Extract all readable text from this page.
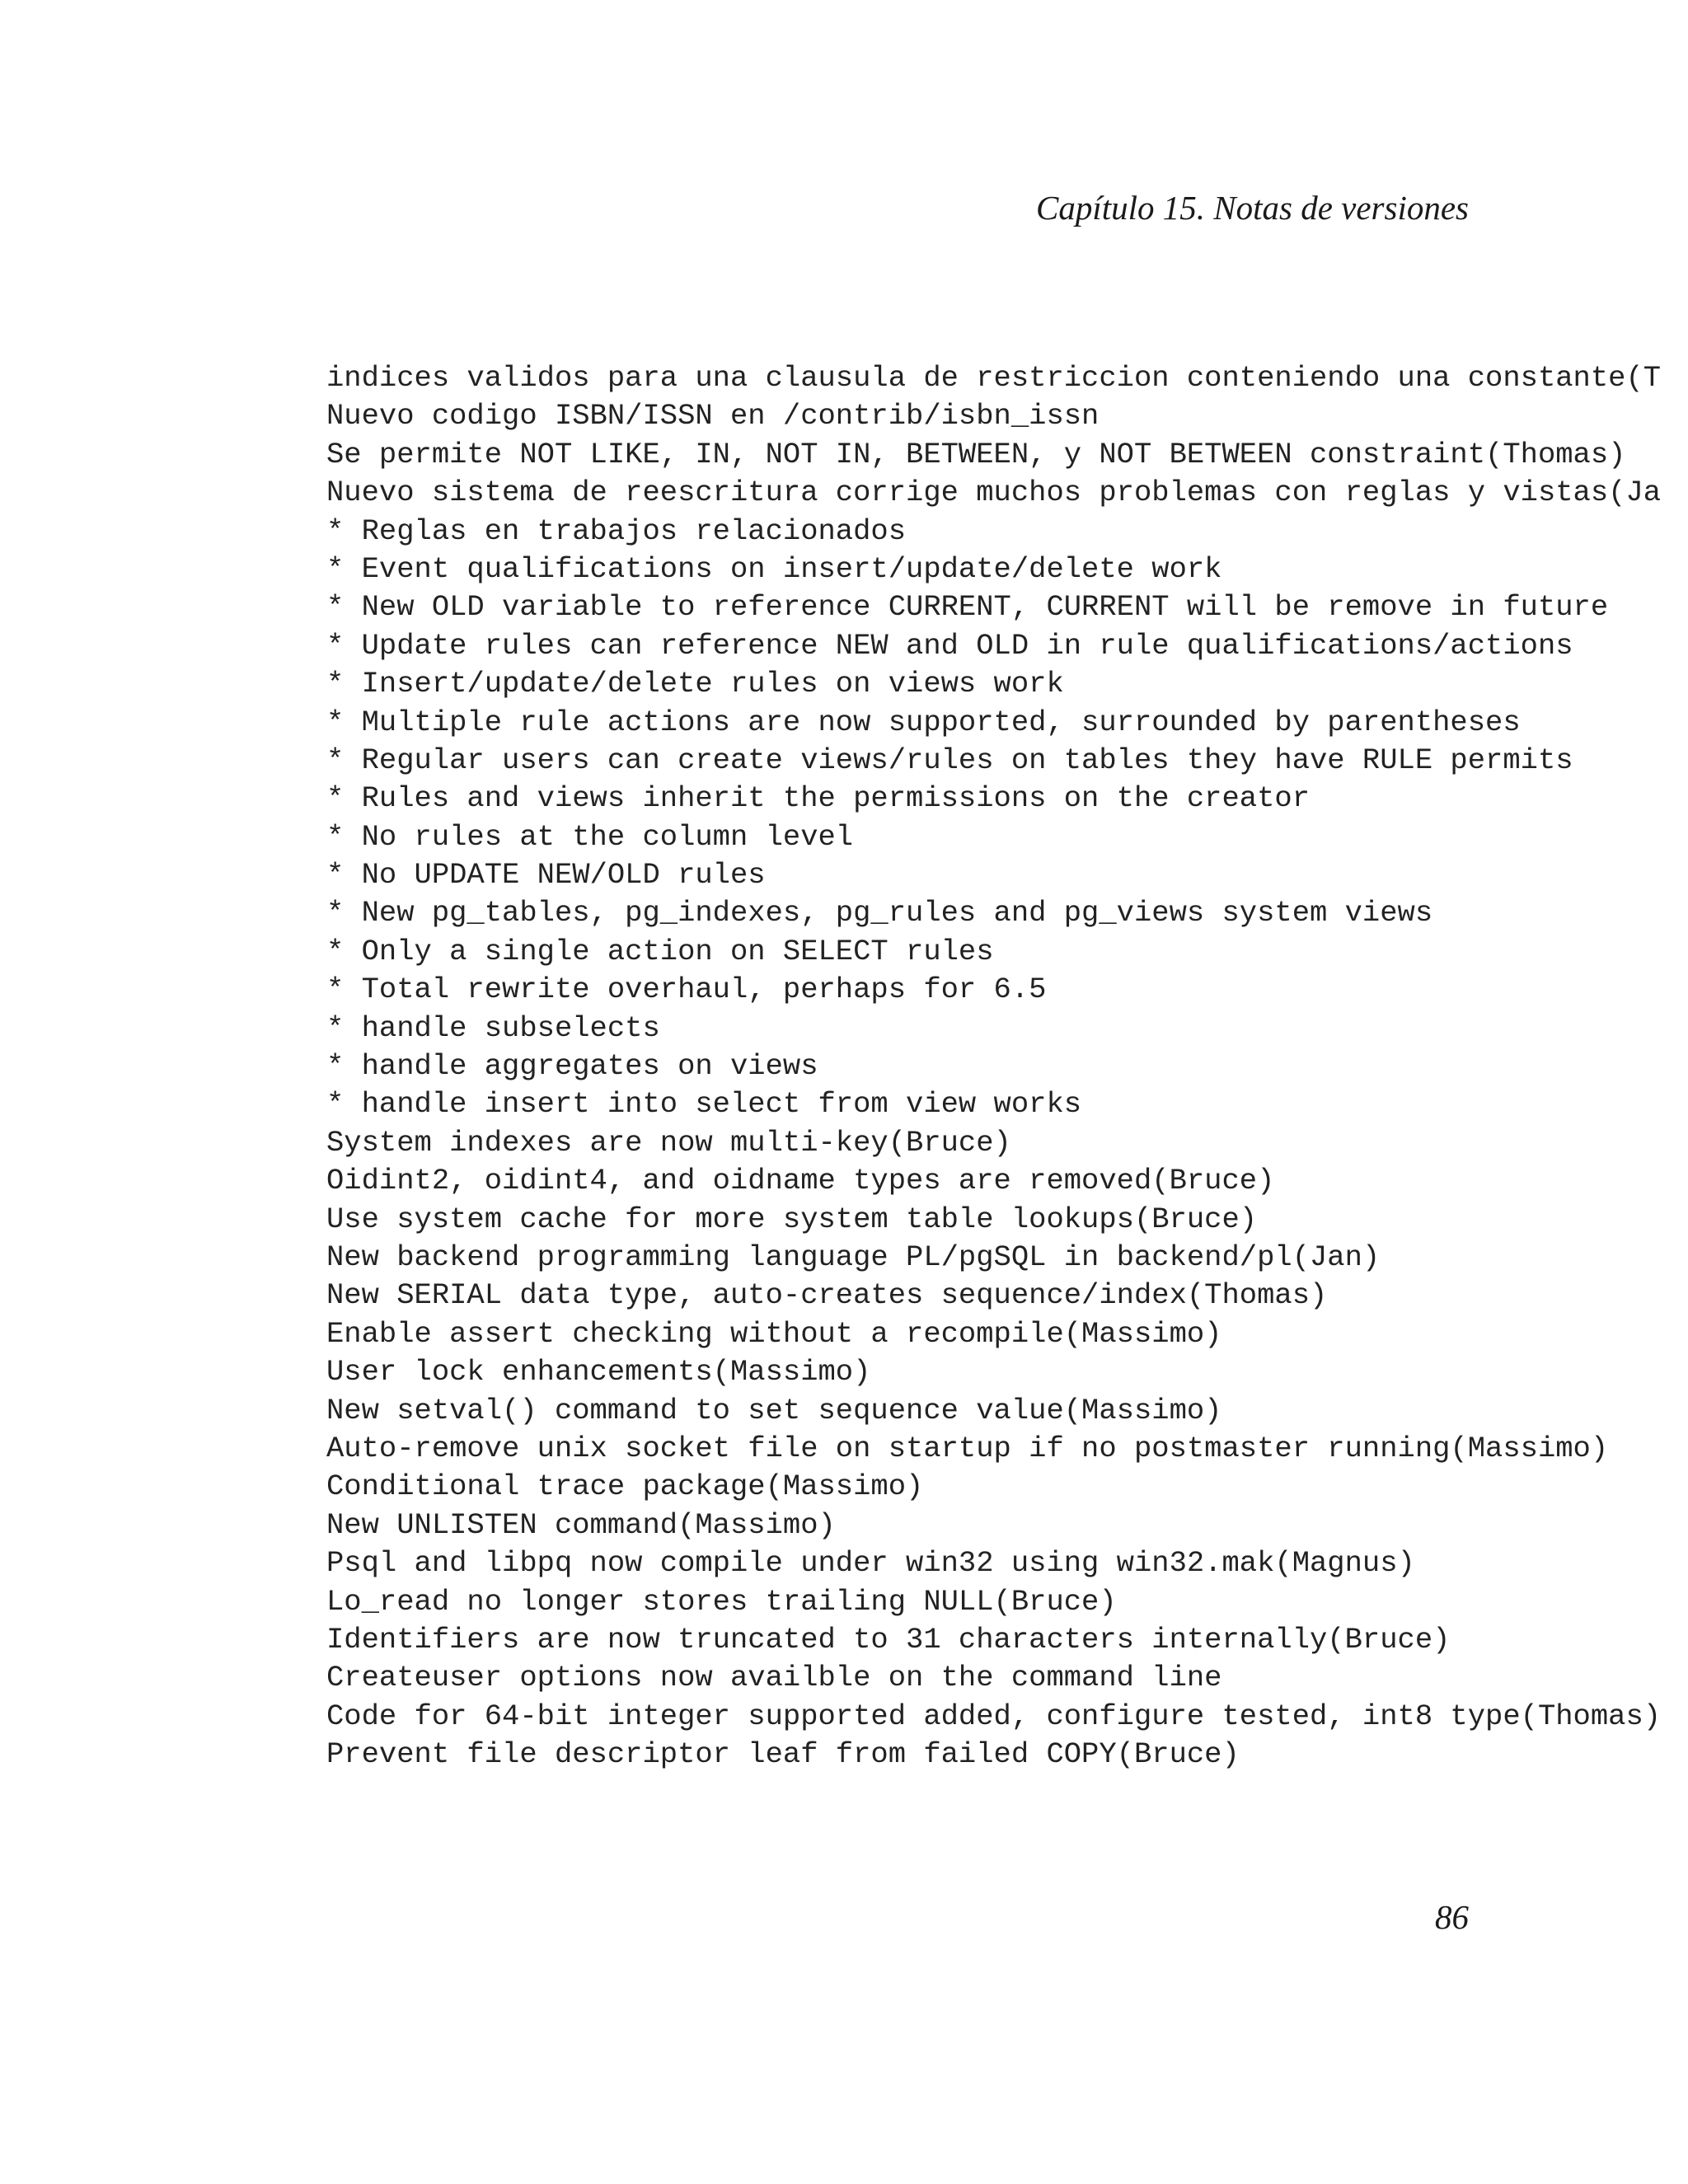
Capítulo 15. Notas de versiones
indices validos para una clausula de restriccion conteniendo una constante(T
Nuevo codigo ISBN/ISSN en /contrib/isbn_issn
Se permite NOT LIKE, IN, NOT IN, BETWEEN, y NOT BETWEEN constraint(Thomas)
Nuevo sistema de reescritura corrige muchos problemas con reglas y vistas(Ja
* Reglas en trabajos relacionados
* Event qualifications on insert/update/delete work
* New OLD variable to reference CURRENT, CURRENT will be remove in future
* Update rules can reference NEW and OLD in rule qualifications/actions
* Insert/update/delete rules on views work
* Multiple rule actions are now supported, surrounded by parentheses
* Regular users can create views/rules on tables they have RULE permits
* Rules and views inherit the permissions on the creator
* No rules at the column level
* No UPDATE NEW/OLD rules
* New pg_tables, pg_indexes, pg_rules and pg_views system views
* Only a single action on SELECT rules
* Total rewrite overhaul, perhaps for 6.5
* handle subselects
* handle aggregates on views
* handle insert into select from view works
System indexes are now multi-key(Bruce)
Oidint2, oidint4, and oidname types are removed(Bruce)
Use system cache for more system table lookups(Bruce)
New backend programming language PL/pgSQL in backend/pl(Jan)
New SERIAL data type, auto-creates sequence/index(Thomas)
Enable assert checking without a recompile(Massimo)
User lock enhancements(Massimo)
New setval() command to set sequence value(Massimo)
Auto-remove unix socket file on startup if no postmaster running(Massimo)
Conditional trace package(Massimo)
New UNLISTEN command(Massimo)
Psql and libpq now compile under win32 using win32.mak(Magnus)
Lo_read no longer stores trailing NULL(Bruce)
Identifiers are now truncated to 31 characters internally(Bruce)
Createuser options now availble on the command line
Code for 64-bit integer supported added, configure tested, int8 type(Thomas)
Prevent file descriptor leaf from failed COPY(Bruce)
86
